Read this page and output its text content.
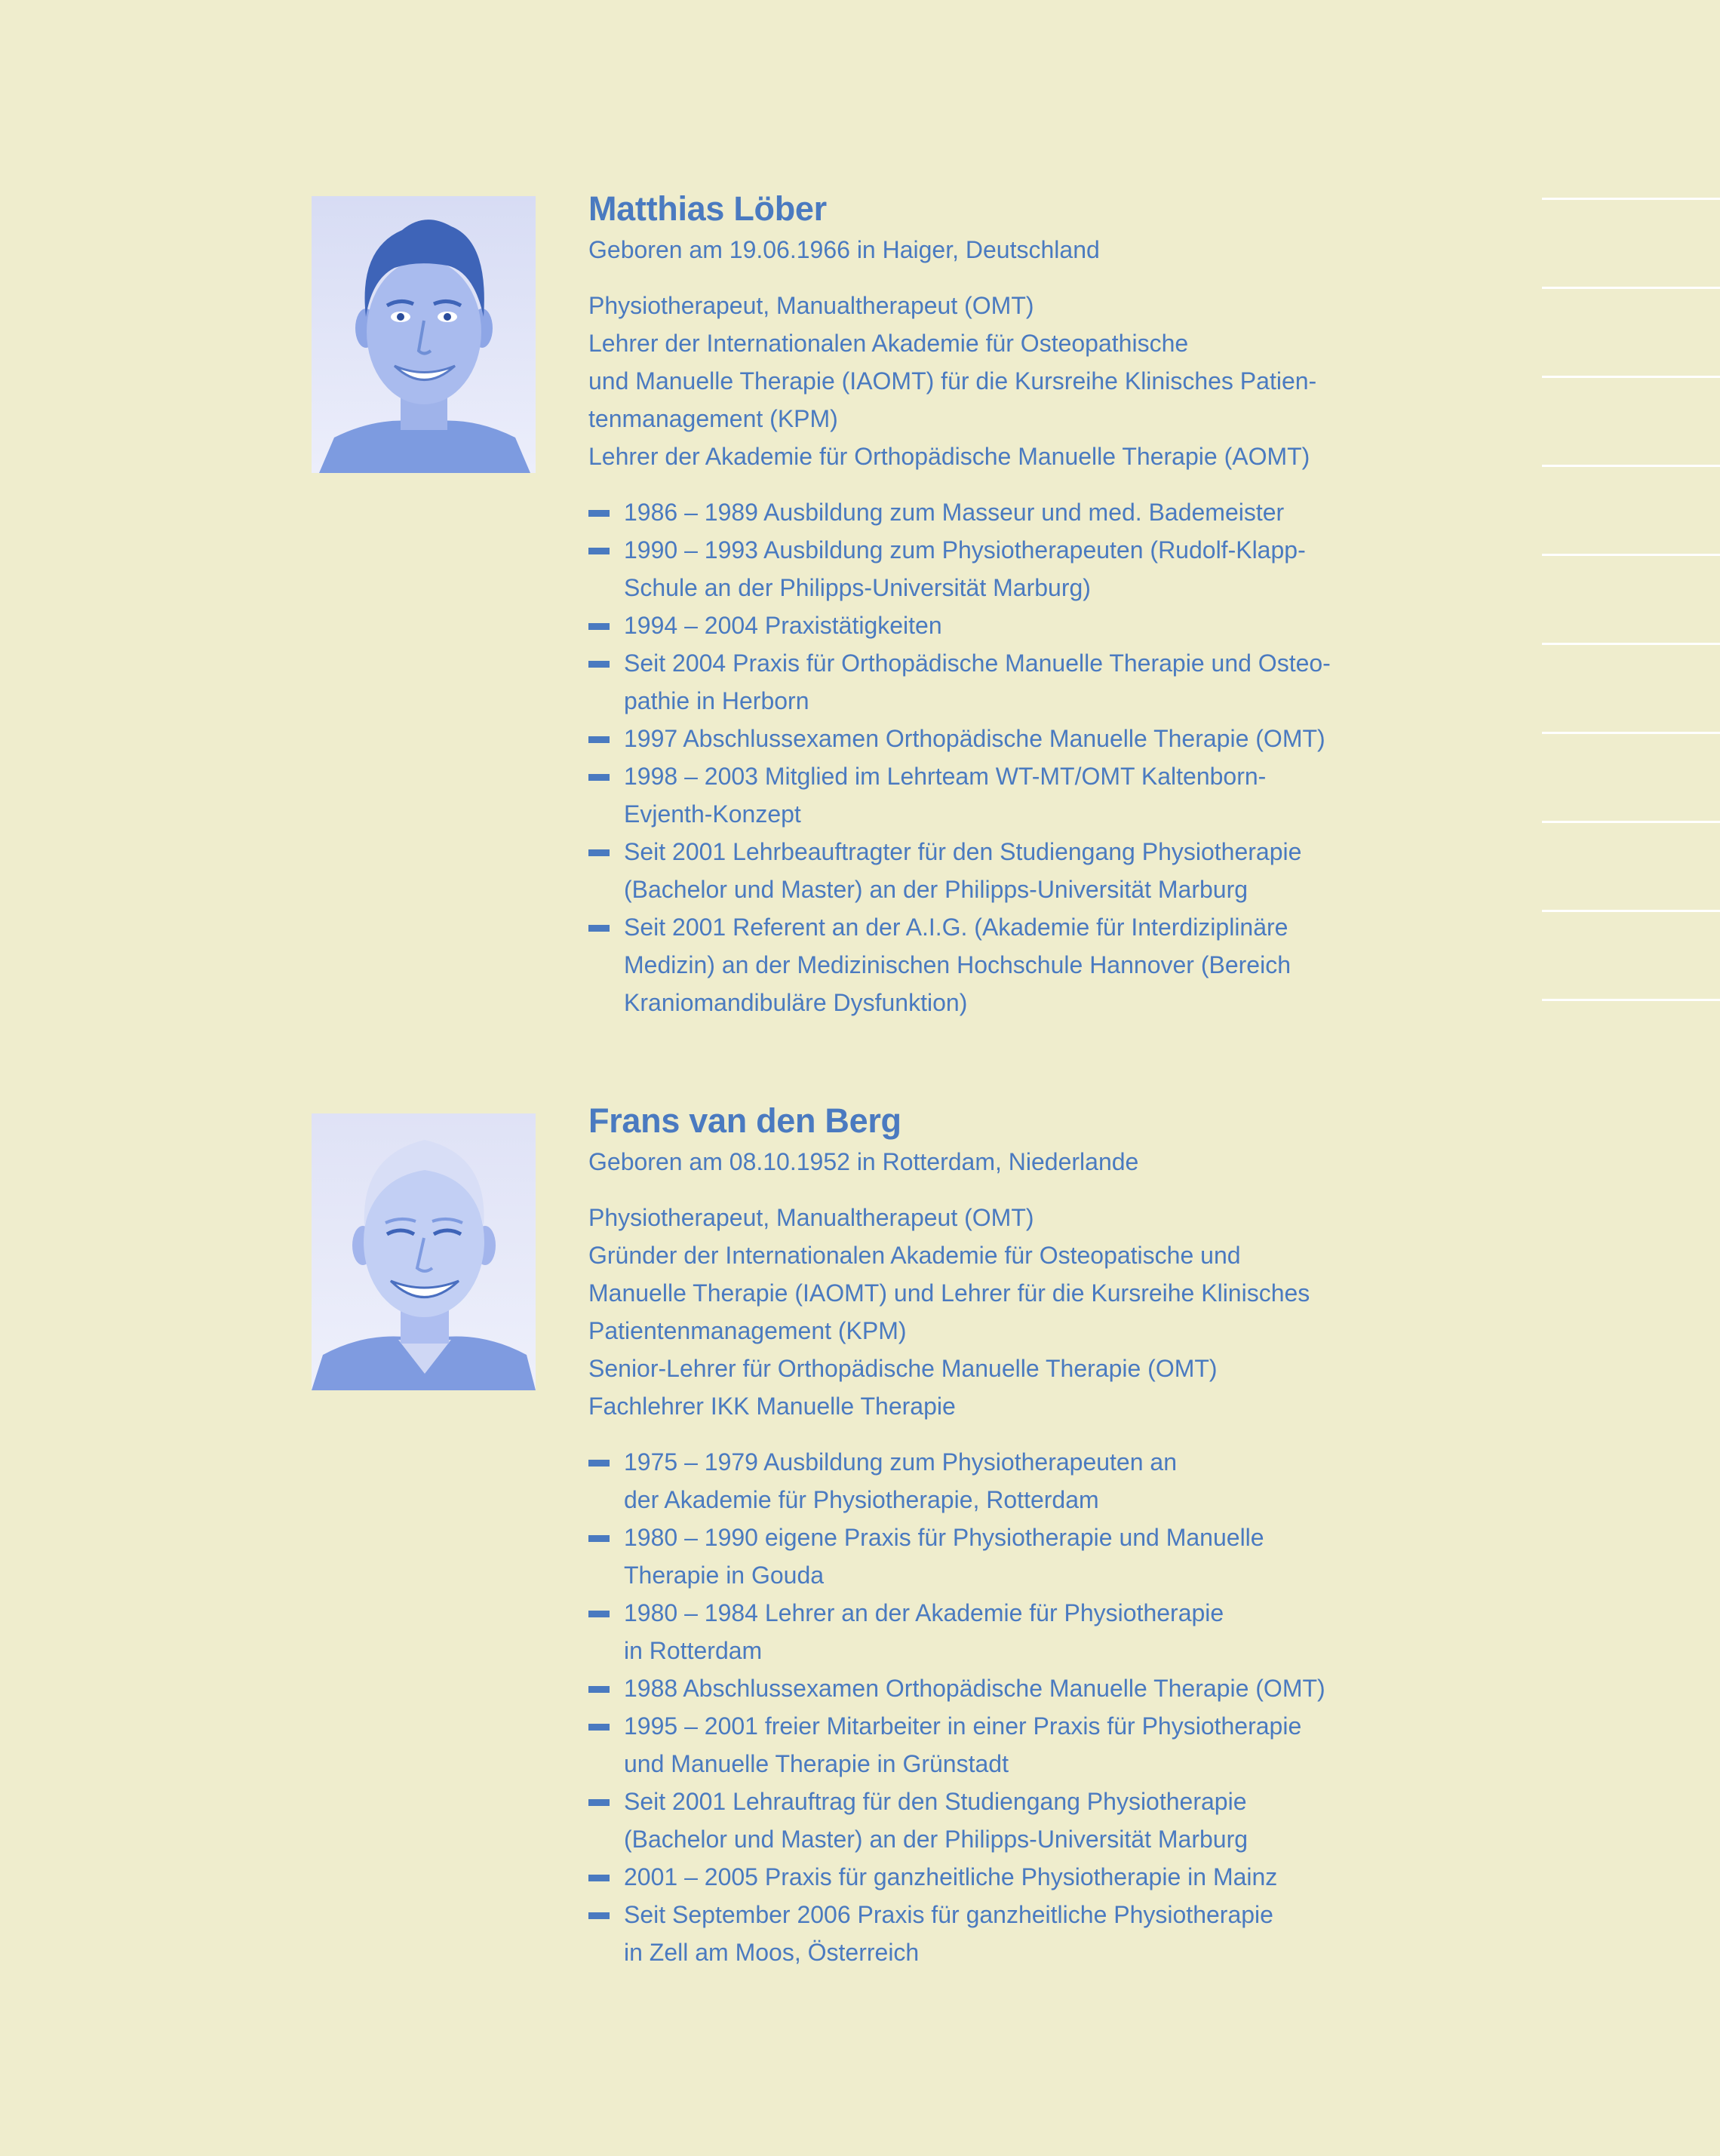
Matthias Löber
Geboren am 19.06.1966 in Haiger, Deutschland
Physiotherapeut, Manualtherapeut (OMT)
Lehrer der Internationalen Akademie für Osteopathische
und Manuelle Therapie (IAOMT) für die Kursreihe Klinisches Patien-
tenmanagement (KPM)
Lehrer der Akademie für Orthopädische Manuelle Therapie (AOMT)
1986 – 1989 Ausbildung zum Masseur und med. Bademeister
1990 – 1993 Ausbildung zum Physiotherapeuten (Rudolf-Klapp-
Schule an der Philipps-Universität Marburg)
1994 – 2004 Praxistätigkeiten
Seit 2004 Praxis für Orthopädische Manuelle Therapie und Osteo-
pathie in Herborn
1997 Abschlussexamen Orthopädische Manuelle Therapie (OMT)
1998 – 2003 Mitglied im Lehrteam WT-MT/OMT Kaltenborn-
Evjenth-Konzept
Seit 2001 Lehrbeauftragter für den Studiengang Physiotherapie
(Bachelor und Master) an der Philipps-Universität Marburg
Seit 2001 Referent an der A.I.G. (Akademie für Interdiziplinäre
Medizin) an der Medizinischen Hochschule Hannover (Bereich
Kraniomandibuläre Dysfunktion)
Frans van den Berg
Geboren am 08.10.1952 in Rotterdam, Niederlande
Physiotherapeut, Manualtherapeut (OMT)
Gründer der Internationalen Akademie für Osteopatische und
Manuelle Therapie (IAOMT) und Lehrer für die Kursreihe Klinisches
Patientenmanagement (KPM)
Senior-Lehrer für Orthopädische Manuelle Therapie (OMT)
Fachlehrer IKK Manuelle Therapie
1975 – 1979 Ausbildung zum Physiotherapeuten an
der Akademie für Physiotherapie, Rotterdam
1980 – 1990 eigene Praxis für Physiotherapie und Manuelle
Therapie in Gouda
1980 – 1984 Lehrer an der Akademie für Physiotherapie
in Rotterdam
1988 Abschlussexamen Orthopädische Manuelle Therapie (OMT)
1995 – 2001 freier Mitarbeiter in einer Praxis für Physiotherapie
und Manuelle Therapie in Grünstadt
Seit 2001 Lehrauftrag für den Studiengang Physiotherapie
(Bachelor und Master) an der Philipps-Universität Marburg
2001 – 2005 Praxis für ganzheitliche Physiotherapie in Mainz
Seit September 2006 Praxis für ganzheitliche Physiotherapie
in Zell am Moos, Österreich
